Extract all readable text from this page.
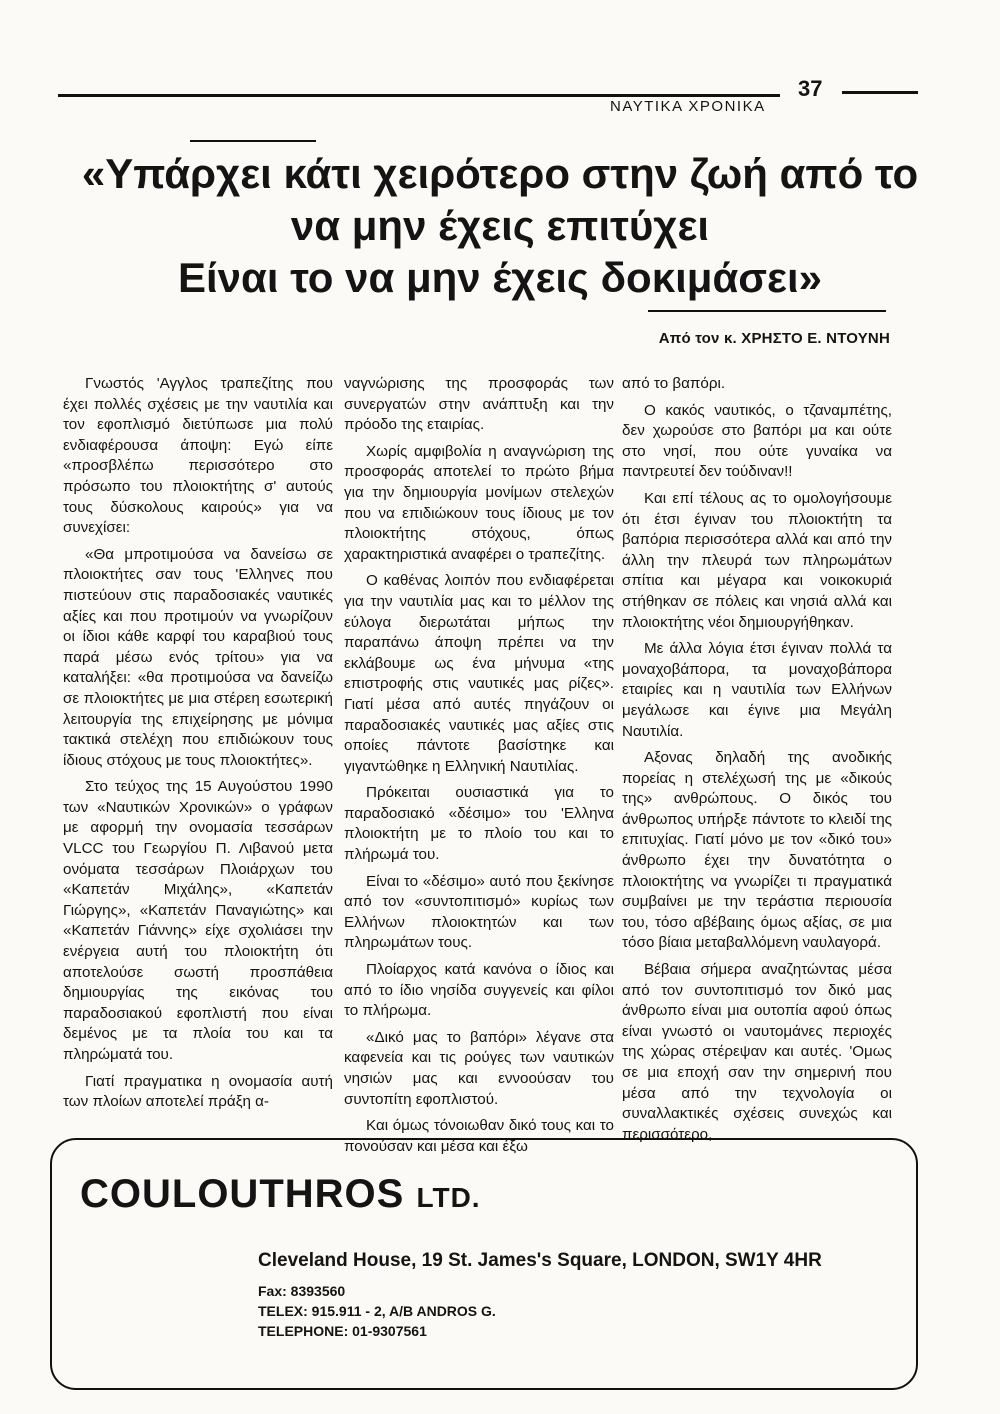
ΝΑΥΤΙΚΑ ΧΡΟΝΙΚΑ
37
«Υπάρχει κάτι χειρότερο στην ζωή από το
να μην έχεις επιτύχει
Είναι το να μην έχεις δοκιμάσει»
Από τον κ. ΧΡΗΣΤΟ Ε. ΝΤΟΥΝΗ

Γνωστός 'Αγγλος τραπεζίτης που έχει πολλές σχέσεις με την ναυτιλία και τον εφοπλισμό διετύπωσε μια πολύ ενδιαφέρουσα άποψη: Εγώ είπε «προσβλέπω περισσότερο στο πρόσωπο του πλοιοκτήτης σ' αυτούς τους δύσκολους καιρούς» για να συνεχίσει:

«Θα μπροτιμούσα να δανείσω σε πλοιοκτήτες σαν τους 'Ελληνες που πιστεύουν στις παραδοσιακές ναυτικές αξίες και που προτιμούν να γνωρίζουν οι ίδιοι κάθε καρφί του καραβιού τους παρά μέσω ενός τρίτου» για να καταλήξει: «θα προτιμούσα να δανείζω σε πλοιοκτήτες με μια στέρεη εσωτερική λειτουργία της επιχείρησης με μόνιμα τακτικά στελέχη που επιδιώκουν τους ίδιους στόχους με τους πλοιοκτήτες».

Στο τεύχος της 15 Αυγούστου 1990 των «Ναυτικών Χρονικών» ο γράφων με αφορμή την ονομασία τεσσάρων VLCC του Γεωργίου Π. Λιβανού μετα ονόματα τεσσάρων Πλοιάρχων του «Καπετάν Μιχάλης», «Καπετάν Γιώργης», «Καπετάν Παναγιώτης» και «Καπετάν Γιάννης» είχε σχολιάσει την ενέργεια αυτή του πλοιοκτήτη ότι αποτελούσε σωστή προσπάθεια δημιουργίας της εικόνας του παραδοσιακού εφοπλιστή που είναι δεμένος με τα πλοία του και τα πληρώματά του.

Γιατί πραγματικα η ονομασία αυτή των πλοίων αποτελεί πράξη α-

ναγνώρισης της προσφοράς των συνεργατών στην ανάπτυξη και την πρόοδο της εταιρίας.

Χωρίς αμφιβολία η αναγνώριση της προσφοράς αποτελεί το πρώτο βήμα για την δημιουργία μονίμων στελεχών που να επιδιώκουν τους ίδιους με τον πλοιοκτήτης στόχους, όπως χαρακτηριστικά αναφέρει ο τραπεζίτης.

Ο καθένας λοιπόν που ενδιαφέρεται για την ναυτιλία μας και το μέλλον της εύλογα διερωτάται μήπως την παραπάνω άποψη πρέπει να την εκλάβουμε ως ένα μήνυμα «της επιστροφής στις ναυτικές μας ρίζες». Γιατί μέσα από αυτές πηγάζουν οι παραδοσιακές ναυτικές μας αξίες στις οποίες πάντοτε βασίστηκε και γιγαντώθηκε η Ελληνική Ναυτιλίας.

Πρόκειται ουσιαστικά για το παραδοσιακό «δέσιμο» του 'Ελληνα πλοιοκτήτη με το πλοίο του και το πλήρωμά του.

Είναι το «δέσιμο» αυτό που ξεκίνησε από τον «συντοπιτισμό» κυρίως των Ελλήνων πλοιοκτητών και των πληρωμάτων τους.

Πλοίαρχος κατά κανόνα ο ίδιος και από το ίδιο νησίδα συγγενείς και φίλοι το πλήρωμα.

«Δικό μας το βαπόρι» λέγανε στα καφενεία και τις ρούγες των ναυτικών νησιών μας και εννοούσαν του συντοπίτη εφοπλιστού.

Και όμως τόνοιωθαν δικό τους και το πονούσαν και μέσα και έξω

από το βαπόρι.

Ο κακός ναυτικός, ο τζαναμπέτης, δεν χωρούσε στο βαπόρι μα και ούτε στο νησί, που ούτε γυναίκα να παντρευτεί δεν τούδιναν!!

Και επί τέλους ας το ομολογήσουμε ότι έτσι έγιναν του πλοιοκτήτη τα βαπόρια περισσότερα αλλά και από την άλλη την πλευρά των πληρωμάτων σπίτια και μέγαρα και νοικοκυριά στήθηκαν σε πόλεις και νησιά αλλά και πλοιοκτήτης νέοι δημιουργήθηκαν.

Με άλλα λόγια έτσι έγιναν πολλά τα μοναχοβάπορα, τα μοναχοβάπορα εταιρίες και η ναυτιλία των Ελλήνων μεγάλωσε και έγινε μια Μεγάλη Ναυτιλία.

Αξονας δηλαδή της ανοδικής πορείας η στελέχωσή της με «δικούς της» ανθρώπους. Ο δικός του άνθρωπος υπήρξε πάντοτε το κλειδί της επιτυχίας. Γιατί μόνο με τον «δικό του» άνθρωπο έχει την δυνατότητα ο πλοιοκτήτης να γνωρίζει τι πραγματικά συμβαίνει με την τεράστια περιουσία του, τόσο αβέβαιης όμως αξίας, σε μια τόσο βίαια μεταβαλλόμενη ναυλαγορά.

Βέβαια σήμερα αναζητώντας μέσα από τον συντοπιτισμό τον δικό μας άνθρωπο είναι μια ουτοπία αφού όπως είναι γνωστό οι ναυτομάνες περιοχές της χώρας στέρεψαν και αυτές. 'Ομως σε μια εποχή σαν την σημερινή που μέσα από την τεχνολογία οι συναλλακτικές σχέσεις συνεχώς και περισσότερο,

COULOUTHROS LTD.
Cleveland House, 19 St. James's Square, LONDON, SW1Y 4HR
Fax: 8393560
TELEX: 915.911 - 2, A/B ANDROS G.
TELEPHONE: 01-9307561
